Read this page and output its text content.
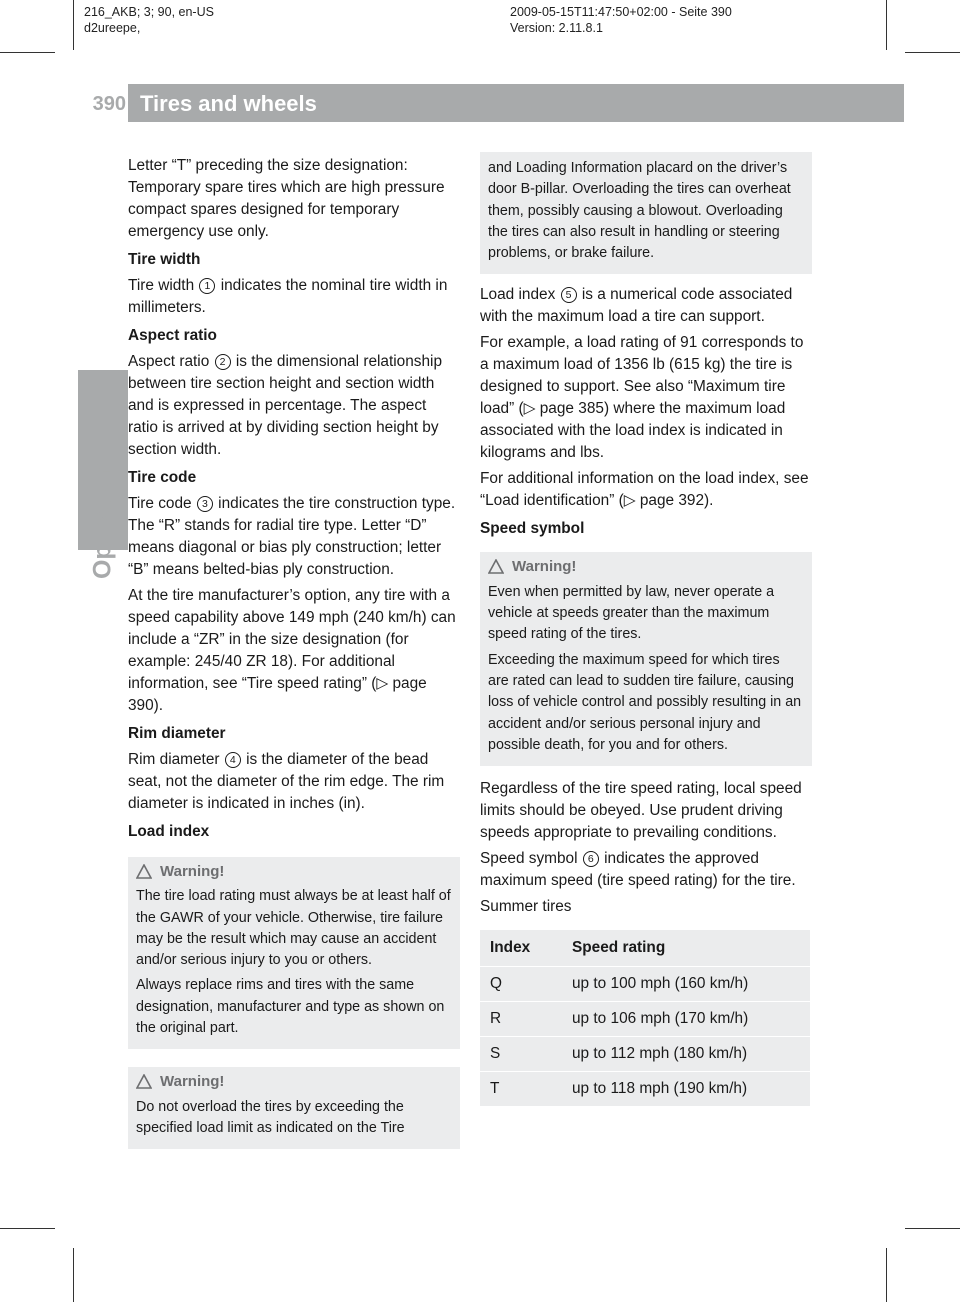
216_AKB; 3; 90, en-US
d2ureepe,
2009-05-15T11:47:50+02:00 - Seite 390
Version: 2.11.8.1
390 Tires and wheels
Operation

Letter “T” preceding the size designation: Temporary spare tires which are high pressure compact spares designed for temporary emergency use only.

Tire width

Tire width 1 indicates the nominal tire width in millimeters.

Aspect ratio

Aspect ratio 2 is the dimensional relationship between tire section height and section width and is expressed in percentage. The aspect ratio is arrived at by dividing section height by section width.

Tire code

Tire code 3 indicates the tire construction type. The “R” stands for radial tire type. Letter “D” means diagonal or bias ply construction; letter “B” means belted-bias ply construction.

At the tire manufacturer’s option, any tire with a speed capability above 149 mph (240 km/h) can include a “ZR” in the size designation (for example: 245/40 ZR 18). For additional information, see “Tire speed rating” (▷ page 390).

Rim diameter

Rim diameter 4 is the diameter of the bead seat, not the diameter of the rim edge. The rim diameter is indicated in inches (in).

Load index

Warning!

The tire load rating must always be at least half of the GAWR of your vehicle. Otherwise, tire failure may be the result which may cause an accident and/or serious injury to you or others.

Always replace rims and tires with the same designation, manufacturer and type as shown on the original part.

Warning!

Do not overload the tires by exceeding the specified load limit as indicated on the Tire

and Loading Information placard on the driver’s door B-pillar. Overloading the tires can overheat them, possibly causing a blowout. Overloading the tires can also result in handling or steering problems, or brake failure.

Load index 5 is a numerical code associated with the maximum load a tire can support.

For example, a load rating of 91 corresponds to a maximum load of 1356 lb (615 kg) the tire is designed to support. See also “Maximum tire load” (▷ page 385) where the maximum load associated with the load index is indicated in kilograms and lbs.

For additional information on the load index, see “Load identification” (▷ page 392).

Speed symbol

Warning!

Even when permitted by law, never operate a vehicle at speeds greater than the maximum speed rating of the tires.

Exceeding the maximum speed for which tires are rated can lead to sudden tire failure, causing loss of vehicle control and possibly resulting in an accident and/or serious personal injury and possible death, for you and for others.

Regardless of the tire speed rating, local speed limits should be obeyed. Use prudent driving speeds appropriate to prevailing conditions.

Speed symbol 6 indicates the approved maximum speed (tire speed rating) for the tire.

Summer tires

Index	Speed rating
Q	up to 100 mph (160 km/h)
R	up to 106 mph (170 km/h)
S	up to 112 mph (180 km/h)
T	up to 118 mph (190 km/h)
